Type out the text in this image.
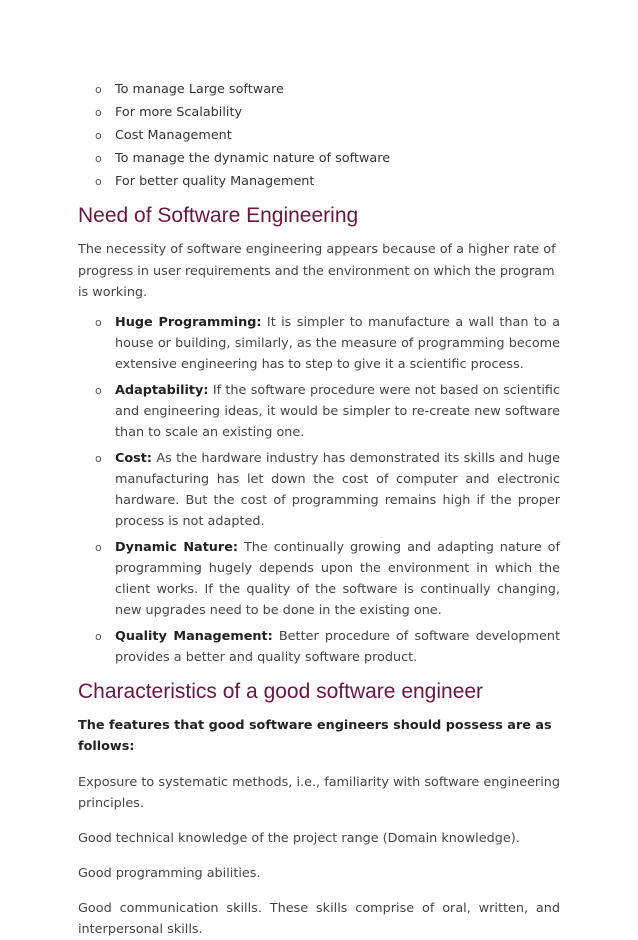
o To manage Large software
o For more Scalability
o Cost Management
o To manage the dynamic nature of software
o For better quality Management
Need of Software Engineering

The necessity of software engineering appears because of a higher rate of progress in user requirements and the environment on which the program is working.

o Huge Programming: It is simpler to manufacture a wall than to a house or building, similarly, as the measure of programming become extensive engineering has to step to give it a scientific process.
o Adaptability: If the software procedure were not based on scientific and engineering ideas, it would be simpler to re-create new software than to scale an existing one.
o Cost: As the hardware industry has demonstrated its skills and huge manufacturing has let down the cost of computer and electronic hardware. But the cost of programming remains high if the proper process is not adapted.
o Dynamic Nature: The continually growing and adapting nature of programming hugely depends upon the environment in which the client works. If the quality of the software is continually changing, new upgrades need to be done in the existing one.
o Quality Management: Better procedure of software development provides a better and quality software product.
Characteristics of a good software engineer

The features that good software engineers should possess are as follows:

Exposure to systematic methods, i.e., familiarity with software engineering principles.

Good technical knowledge of the project range (Domain knowledge).

Good programming abilities.

Good communication skills. These skills comprise of oral, written, and interpersonal skills.
